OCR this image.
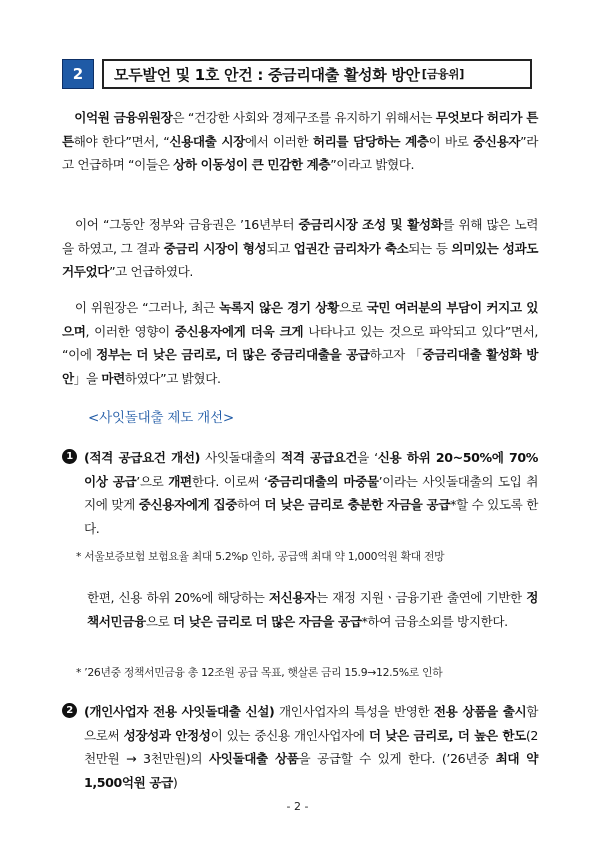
2	모두발언 및 1호 안건 : 중금리대출 활성화 방안 [금융위]
　이억원 금융위원장은 “건강한 사회와 경제구조를 유지하기 위해서는 무엇보다 허리가 튼튼해야 한다”면서, “신용대출 시장에서 이러한 허리를 담당하는 계층이 바로 중신용자”라고 언급하며 “이들은 상하 이동성이 큰 민감한 계층”이라고 밝혔다.
　이어 “그동안 정부와 금융권은 ’16년부터 중금리시장 조성 및 활성화를 위해 많은 노력을 하였고, 그 결과 중금리 시장이 형성되고 업권간 금리차가 축소되는 등 의미있는 성과도 거두었다”고 언급하였다.
　이 위원장은 “그러나, 최근 녹록지 않은 경기 상황으로 국민 여러분의 부담이 커지고 있으며, 이러한 영향이 중신용자에게 더욱 크게 나타나고 있는 것으로 파악되고 있다”면서, “이에 정부는 더 낮은 금리로, 더 많은 중금리대출을 공급하고자 「중금리대출 활성화 방안」을 마련하였다”고 밝혔다.
<사잇돌대출 제도 개선>
1 (적격 공급요건 개선) 사잇돌대출의 적격 공급요건을 ‘신용 하위 20~50%에 70% 이상 공급’으로 개편한다. 이로써 ‘중금리대출의 마중물’이라는 사잇돌대출의 도입 취지에 맞게 중신용자에게 집중하여 더 낮은 금리로 충분한 자금을 공급*할 수 있도록 한다.
* 서울보증보험 보험요율 최대 5.2%p 인하, 공급액 최대 약 1,000억원 확대 전망
한편, 신용 하위 20%에 해당하는 저신용자는 재정 지원ㆍ금융기관 출연에 기반한 정책서민금융으로 더 낮은 금리로 더 많은 자금을 공급*하여 금융소외를 방지한다.
* ’26년중 정책서민금융 총 12조원 공급 목표, 햇살론 금리 15.9→12.5%로 인하
2 (개인사업자 전용 사잇돌대출 신설) 개인사업자의 특성을 반영한 전용 상품을 출시함으로써 성장성과 안정성이 있는 중신용 개인사업자에 더 낮은 금리로, 더 높은 한도(2천만원 → 3천만원)의 사잇돌대출 상품을 공급할 수 있게 한다. (’26년중 최대 약 1,500억원 공급)
- 2 -
